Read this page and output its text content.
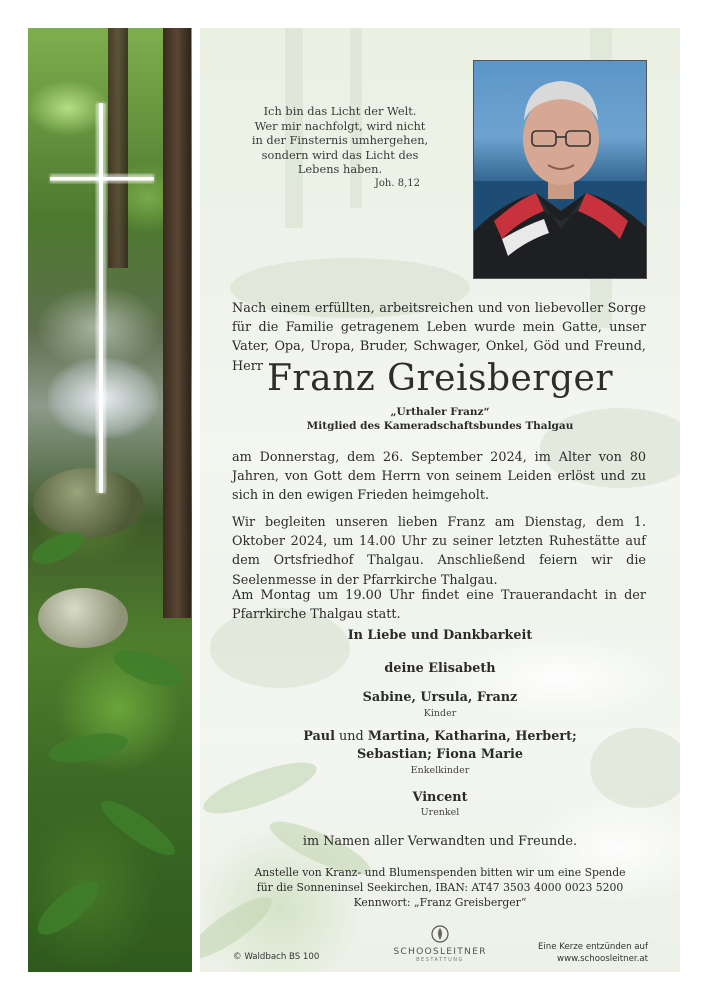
Ich bin das Licht der Welt.
Wer mir nachfolgt, wird nicht
in der Finsternis umhergehen,
sondern wird das Licht des
Lebens haben.
Joh. 8,12

Nach einem erfüllten, arbeitsreichen und von liebevoller Sorge für die Familie getragenem Leben wurde mein Gatte, unser Vater, Opa, Uropa, Bruder, Schwager, Onkel, Göd und Freund, Herr Franz Greisberger
„Urthaler Franz“
Mitglied des Kameradschaftsbundes Thalgau

am Donnerstag, dem 26. September 2024, im Alter von 80 Jahren, von Gott dem Herrn von seinem Leiden erlöst und zu sich in den ewigen Frieden heimgeholt.

Wir begleiten unseren lieben Franz am Dienstag, dem 1. Oktober 2024, um 14.00 Uhr zu seiner letzten Ruhestätte auf dem Ortsfriedhof Thalgau. Anschließend feiern wir die Seelenmesse in der Pfarrkirche Thalgau.

Am Montag um 19.00 Uhr findet eine Trauerandacht in der Pfarrkirche Thalgau statt.

In Liebe und Dankbarkeit
deine Elisabeth
Sabine, Ursula, Franz
Kinder
Paul und Martina, Katharina, Herbert;
Sebastian; Fiona Marie
Enkelkinder
Vincent
Urenkel
im Namen aller Verwandten und Freunde.
Anstelle von Kranz- und Blumenspenden bitten wir um eine Spende
für die Sonneninsel Seekirchen, IBAN: AT47 3503 4000 0023 5200
Kennwort: „Franz Greisberger“
© Waldbach BS 100	SCHOOSLEITNER
BESTATTUNG
Eine Kerze entzünden auf
www.schoosleitner.at
